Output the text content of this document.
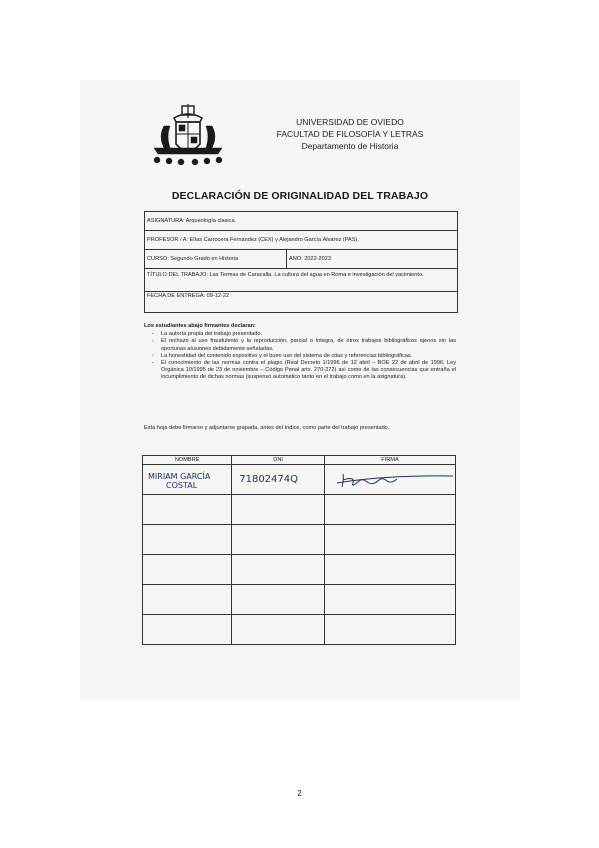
UNIVERSIDAD DE OVIEDO
FACULTAD DE FILOSOFÍA Y LETRAS
Departamento de Historia
DECLARACIÓN DE ORIGINALIDAD DEL TRABAJO
ASIGNATURA: Arqueología clasica.
PROFESOR / A: Elías Carrocera Fernández (CEX) y Alejandro García Álvarez (PAS).
CURSO: Segundo Grado en Historia	AÑO: 2022-2023
TÍTULO DEL TRABAJO: Las Termas de Caracalla. La cultura del agua en Roma e investigación del yacimiento.
FECHA DE ENTREGA: 09-12-22
Los estudiantes abajo firmantes declaran:
- La autoría propia del trabajo presentado.
- El rechazo al uso fraudulento y la reproducción, parcial o íntegra, de otros trabajos bibliográficos ajenos sin las oportunas alusiones debidamente señaladas.
- La honestidad del contenido expositivo y el buen uso del sistema de citas y referencias bibliográficas.
- El conocimiento de las normas contra el plagio (Real Decreto 1/1996 de 12 abril – BOE 22 de abril de 1996; Ley Orgánica 10/1995 de 23 de noviembre – Código Penal arts. 270-272) así como de las consecuencias que entraña el incumplimiento de dichas normas (suspenso automático tanto en el trabajo como en la asignatura).
Esta hoja debe firmarse y adjuntarse grapada, antes del índice, como parte del trabajo presentado.
NOMBRE	DNI	FIRMA

MIRIAM GARCÍA
COSTAL	71802474Q

2
